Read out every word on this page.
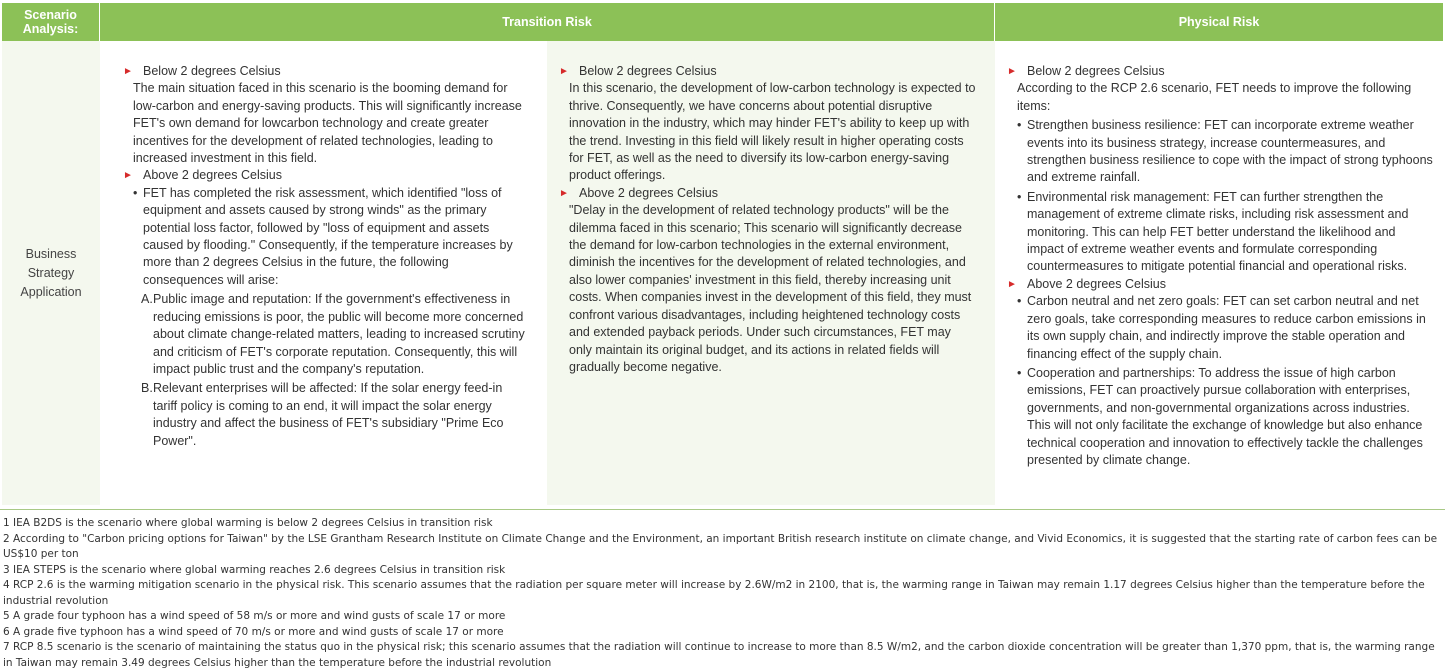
Scenario Analysis:	Transition Risk	Physical Risk
Business Strategy Application
► Below 2 degrees Celsius

The main situation faced in this scenario is the booming demand for low-carbon and energy-saving products. This will significantly increase FET's own demand for lowcarbon technology and create greater incentives for the development of related technologies, leading to increased investment in this field.

► Above 2 degrees Celsius
• FET has completed the risk assessment, which identified "loss of equipment and assets caused by strong winds" as the primary potential loss factor, followed by "loss of equipment and assets caused by flooding." Consequently, if the temperature increases by more than 2 degrees Celsius in the future, the following consequences will arise:
A. Public image and reputation: If the government's effectiveness in reducing emissions is poor, the public will become more concerned about climate change-related matters, leading to increased scrutiny and criticism of FET's corporate reputation. Consequently, this will impact public trust and the company's reputation.
B. Relevant enterprises will be affected: If the solar energy feed-in tariff policy is coming to an end, it will impact the solar energy industry and affect the business of FET's subsidiary "Prime Eco Power".
► Below 2 degrees Celsius

In this scenario, the development of low-carbon technology is expected to thrive. Consequently, we have concerns about potential disruptive innovation in the industry, which may hinder FET's ability to keep up with the trend. Investing in this field will likely result in higher operating costs for FET, as well as the need to diversify its low-carbon energy-saving product offerings.

► Above 2 degrees Celsius

"Delay in the development of related technology products" will be the dilemma faced in this scenario; This scenario will significantly decrease the demand for low-carbon technologies in the external environment, diminish the incentives for the development of related technologies, and also lower companies' investment in this field, thereby increasing unit costs. When companies invest in the development of this field, they must confront various disadvantages, including heightened technology costs and extended payback periods. Under such circumstances, FET may only maintain its original budget, and its actions in related fields will gradually become negative.

► Below 2 degrees Celsius

According to the RCP 2.6 scenario, FET needs to improve the following items:

• Strengthen business resilience: FET can incorporate extreme weather events into its business strategy, increase countermeasures, and strengthen business resilience to cope with the impact of strong typhoons and extreme rainfall.
• Environmental risk management: FET can further strengthen the management of extreme climate risks, including risk assessment and monitoring. This can help FET better understand the likelihood and impact of extreme weather events and formulate corresponding countermeasures to mitigate potential financial and operational risks.
► Above 2 degrees Celsius
• Carbon neutral and net zero goals: FET can set carbon neutral and net zero goals, take corresponding measures to reduce carbon emissions in its own supply chain, and indirectly improve the stable operation and financing effect of the supply chain.
• Cooperation and partnerships: To address the issue of high carbon emissions, FET can proactively pursue collaboration with enterprises, governments, and non-governmental organizations across industries. This will not only facilitate the exchange of knowledge but also enhance technical cooperation and innovation to effectively tackle the challenges presented by climate change.
1 IEA B2DS is the scenario where global warming is below 2 degrees Celsius in transition risk
2 According to "Carbon pricing options for Taiwan" by the LSE Grantham Research Institute on Climate Change and the Environment, an important British research institute on climate change, and Vivid Economics, it is suggested that the starting rate of carbon fees can be US$10 per ton
3 IEA STEPS is the scenario where global warming reaches 2.6 degrees Celsius in transition risk
4 RCP 2.6 is the warming mitigation scenario in the physical risk. This scenario assumes that the radiation per square meter will increase by 2.6W/m2 in 2100, that is, the warming range in Taiwan may remain 1.17 degrees Celsius higher than the temperature before the industrial revolution
5 A grade four typhoon has a wind speed of 58 m/s or more and wind gusts of scale 17 or more
6 A grade five typhoon has a wind speed of 70 m/s or more and wind gusts of scale 17 or more
7 RCP 8.5 scenario is the scenario of maintaining the status quo in the physical risk; this scenario assumes that the radiation will continue to increase to more than 8.5 W/m2, and the carbon dioxide concentration will be greater than 1,370 ppm, that is, the warming range in Taiwan may remain 3.49 degrees Celsius higher than the temperature before the industrial revolution
